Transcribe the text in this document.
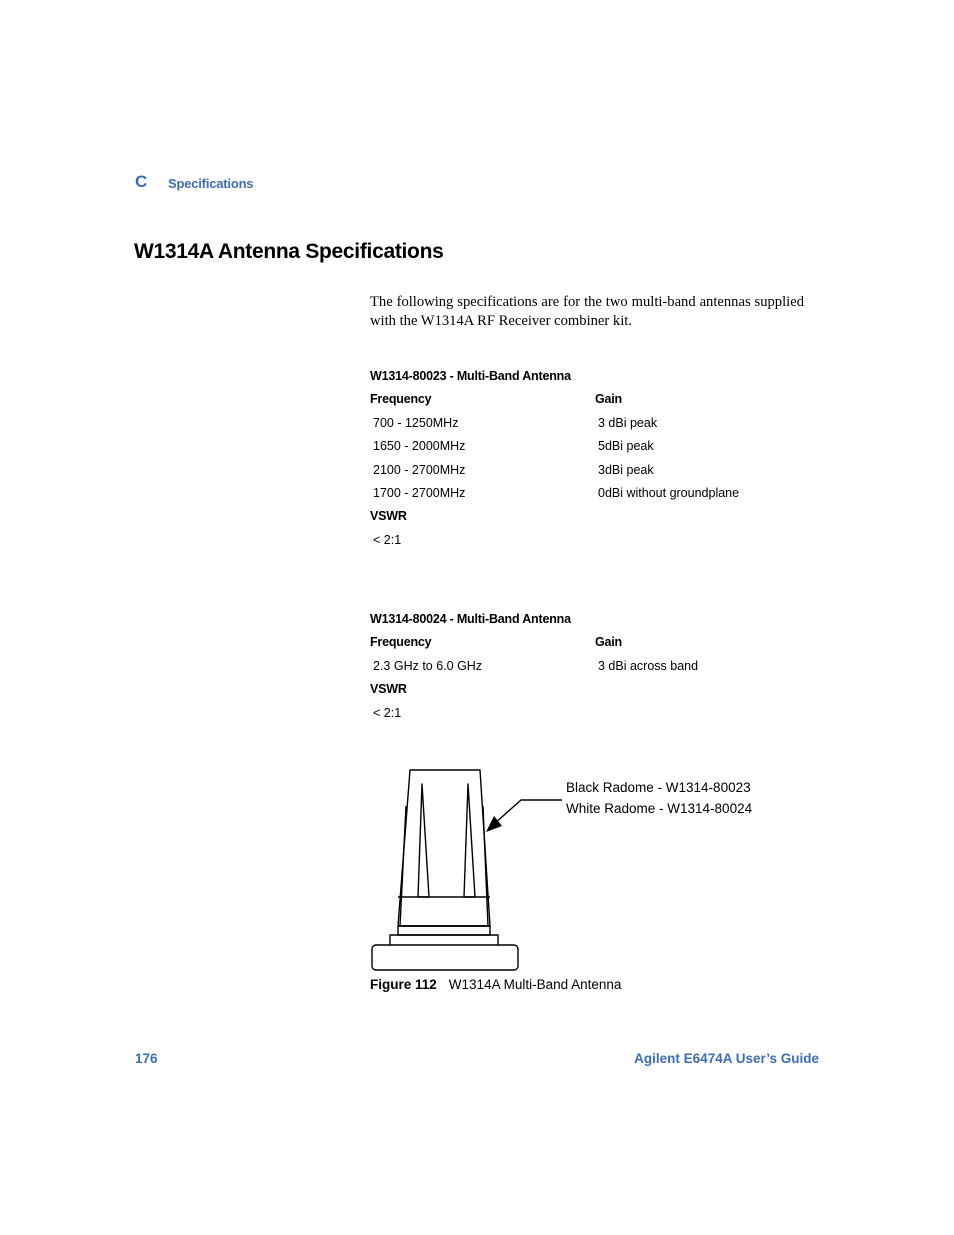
C Specifications
W1314A Antenna Specifications

The following specifications are for the two multi-band antennas supplied with the W1314A RF Receiver combiner kit.

W1314-80023 - Multi-Band Antenna
Frequency	Gain
700 - 1250MHz	3 dBi peak
1650 - 2000MHz	5dBi peak
2100 - 2700MHz	3dBi peak
1700 - 2700MHz	0dBi without groundplane
VSWR
< 2:1
W1314-80024 - Multi-Band Antenna
Frequency	Gain
2.3 GHz to 6.0 GHz	3 dBi across band
VSWR
< 2:1
Black Radome - W1314-80023
White Radome - W1314-80024
Figure 112 W1314A Multi-Band Antenna
176	Agilent E6474A User’s Guide
